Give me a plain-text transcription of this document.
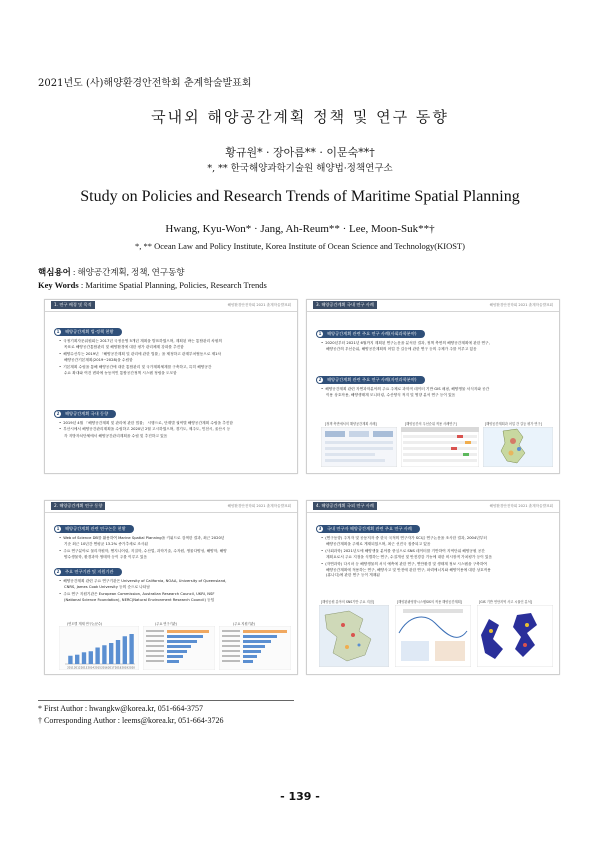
2021년도 (사)해양환경안전학회 춘계학술발표회
국내외 해양공간계획 정책 및 연구 동향
황규원* · 장아름** · 이문숙**†
*, ** 한국해양과학기술원 해양법·정책연구소
Study on Policies and Research Trends of Maritime Spatial Planning
Hwang, Kyu-Won* · Jang, Ah-Reum** · Lee, Moon-Suk**†
*, ** Ocean Law and Policy Institute, Korea Institute of Ocean Science and Technology(KIOST)
핵심용어 : 해양공간계획, 정책, 연구동향
Key Words : Maritime Spatial Planning, Policies, Research Trends
1. 연구 배경 및 목적	해양환경안전학회 2021 춘계학술발표회
1	해양공간계획 법·정책 현황
• 국정기획자문위원회는 2017년 국정운영 5개년 계획을 발표하였으며, 계획된 바는 통합관리 차원의
목표로 해양공간통합관리 및 해양환경에 대한 평가 관리체계 강화를 추진함
• 해양수산부는 2019년 「해양공간계획 및 관리에 관한 법률」을 제정하고 관계부처협동으로 제1차
해양공간기본계획(2019~2028)을 수립함
• 기본계획 수립을 통해 해양공간에 대한 통합관리 및 국가계획체계를 구축하고, 특히 해양공간
수요 확대와 여건 변화에 능동적인 통합공간정책 시스템 정립을 도모함
2	해양공간계획 국내 동향
• 2019년 4월 「해양공간계획 및 관리에 관한 법률」 시행으로, 단계별 권역별 해양공간계획 수립을 추진함
• 부산시에서 해양공간관리계획을 수립하고 2020년 2월 고시하였으며, 경기도, 제주도, 인천시, 울산시 등
각 지방자치단체에서 해양공간관리계획을 수립 및 추진하고 있음
3. 해양공간계획 국내 연구 사례	해양환경안전학회 2021 춘계학술발표회
1	해양공간계획 관련 주요 연구 사례(사회과학분야)
• 2020년부터 2021년 6월까지 계획된 연구논문을 분석한 결과, 정책 측면의 해양공간계획에 관한 연구,
해양공간의 우선순위, 해양공간계획의 어업 간 갈등에 관한 연구 등의 주제가 주를 이루고 있음
2	해양공간계획 관련 주요 연구 사례(자연과학분야)
• 해양공간계획 관련 자연과학분야의 주요 주제로 과학적 데이터 기반 GIS 매핑, 해양생물 서식지와 공간
이용 상호작용, 해양생태계 모니터링, 수산양식 적지 및 영향 분석 연구 등이 있음
[정책 측면에서의 해양공간계획 사례]	[해양공간의 우선순위 적용 사례연구]	[해양공간계획과 어업 간 갈등 평가 연구]
2. 해양공간계획 연구 동향	해양환경안전학회 2021 춘계학술발표회
1	해양공간계획 관련 연구논문 현황
• Web of Science DB를 활용하여 Marine Spatial Planning을 키워드로 검색한 결과, 최근 2020년
기준 최근 10년간 연평균 13.2% 증가추세로 조사됨
• 주요 연구분야로 물리자원학, 엔지니어링, 지질학, 수산업, 과학기술, 수자원, 생물다양성, 해양학, 해양
양수생물학, 환경과학 생태학 등이 주를 이루고 있음
2	주요 연구기관 및 지원기관
• 해양공간계획 관련 주요 연구기관은 University of California, NOAA, University of Queensland,
CNRS, James Cook University 등의 순으로 나타남
• 주요 연구 지원기관은 European Commission, Australian Research Council, UKRI, NSF
(National Science Foundation), NERC(Natural Environment Research Council) 등임
(연도별 게재 연구논문수)	(주요 연구기관)	(주요 지원기관)
2011 2012 2013 2014 2015 2016 2017 2018 2019 2020
4. 해양공간계획 국외 연구 사례	해양환경안전학회 2021 춘계학술발표회
3	국내 연구자 해양공간계획 관련 주요 연구 사례
• (연구동향) 주저자 및 공동저자 중 한국 국적의 연구자가 SCI급 연구논문을 조사한 결과, 2004년부터
해양공간계획을 주제로 게재되었으며, 최근 선진국 집중되고 있음
• (사회과학) 2021년도에 해양생물 분야를 중심으로 SNS 데이터를 기반하여 지역단위 해양공원 공간
계획요로서 주요 지점을 식별하는 연구, 수질개선 및 안전경감 기능에 대한 비시장적 가치평가 등이 있음
• (자연과학) 다시마 등 해양생물의 서식 예측에 관한 연구, 연안환경 및 생태계 정보 시스템을 구축하여
해양공간계획에 적용하는 연구, 해양사고 및 안전에 관한 연구, 파력에너지와 해양이용에 대한 상호작용
(휴나디)에 관한 연구 등이 게재됨
[해양공원 분야의 SNS기반 주요 지점]	[해양관광영향시스템SIS의 적용 해양공간계획]	[GIS 기반 연안지역 사고 시뮬인 분석]
* First Author : hwangkw@korea.kr, 051-664-3757
† Corresponding Author : leems@korea.kr, 051-664-3726
- 139 -
